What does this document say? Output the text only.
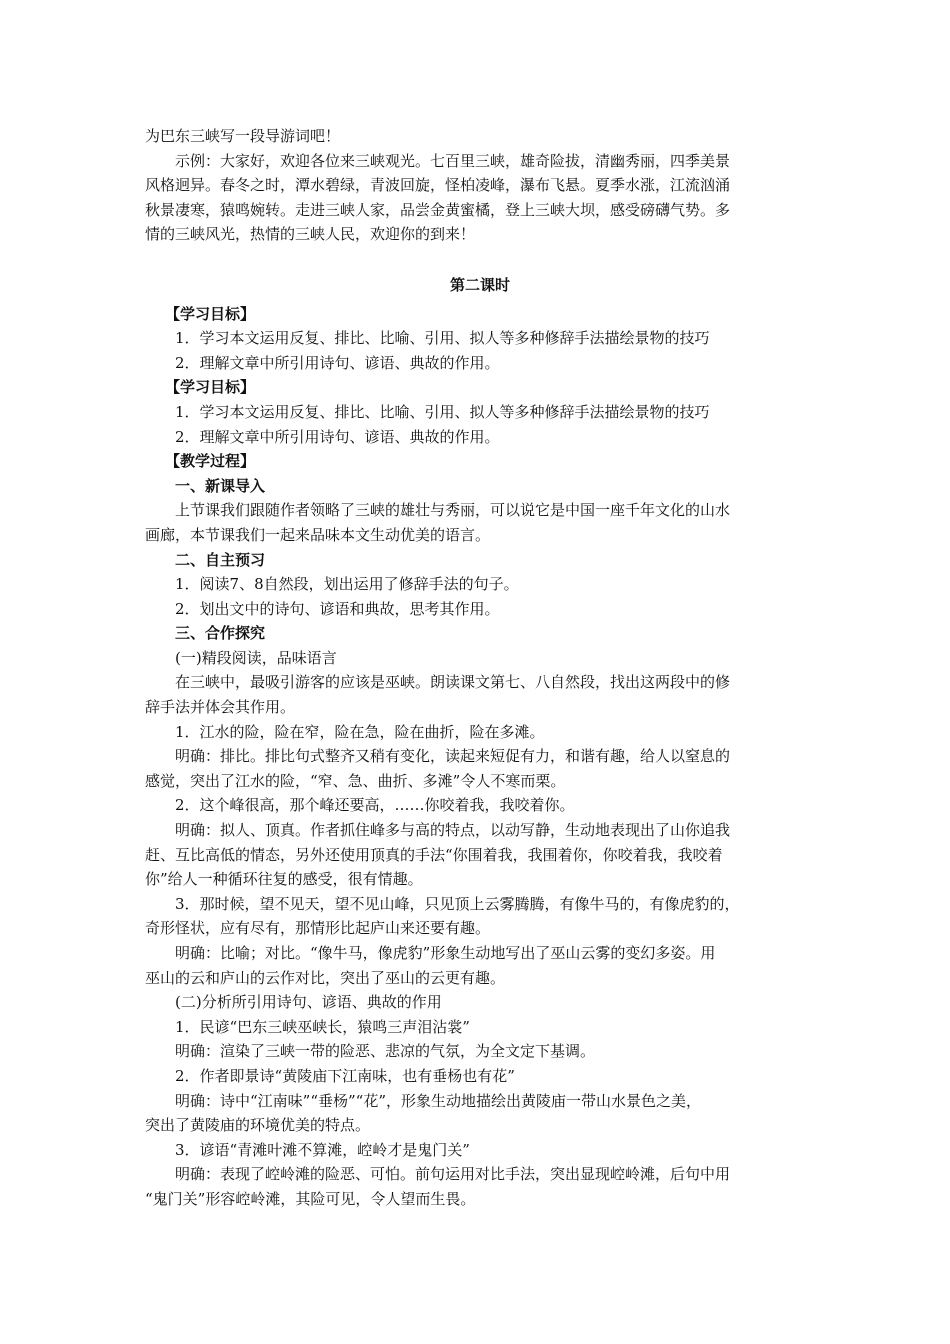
为巴东三峡写一段导游词吧！
示例：大家好，欢迎各位来三峡观光。七百里三峡，雄奇险拔，清幽秀丽，四季美景
风格迥异。春冬之时，潭水碧绿，青波回旋，怪柏凌峰，瀑布飞悬。夏季水涨，江流汹涌
秋景凄寒，猿鸣婉转。走进三峡人家，品尝金黄蜜橘，登上三峡大坝，感受磅礴气势。多
情的三峡风光，热情的三峡人民，欢迎你的到来！
第二课时
【学习目标】
1．学习本文运用反复、排比、比喻、引用、拟人等多种修辞手法描绘景物的技巧
2．理解文章中所引用诗句、谚语、典故的作用。
【学习目标】
1．学习本文运用反复、排比、比喻、引用、拟人等多种修辞手法描绘景物的技巧
2．理解文章中所引用诗句、谚语、典故的作用。
【教学过程】
一、新课导入
上节课我们跟随作者领略了三峡的雄壮与秀丽，可以说它是中国一座千年文化的山水
画廊，本节课我们一起来品味本文生动优美的语言。
二、自主预习
1．阅读7、8自然段，划出运用了修辞手法的句子。
2．划出文中的诗句、谚语和典故，思考其作用。
三、合作探究
(一)精段阅读，品味语言
在三峡中，最吸引游客的应该是巫峡。朗读课文第七、八自然段，找出这两段中的修
辞手法并体会其作用。
1．江水的险，险在窄，险在急，险在曲折，险在多滩。
明确：排比。排比句式整齐又稍有变化，读起来短促有力，和谐有趣，给人以窒息的
感觉，突出了江水的险，“窄、急、曲折、多滩”令人不寒而栗。
2．这个峰很高，那个峰还要高，……你咬着我，我咬着你。
明确：拟人、顶真。作者抓住峰多与高的特点，以动写静，生动地表现出了山你追我
赶、互比高低的情态，另外还使用顶真的手法“你围着我，我围着你，你咬着我，我咬着
你”给人一种循环往复的感受，很有情趣。
3．那时候，望不见天，望不见山峰，只见顶上云雾腾腾，有像牛马的，有像虎豹的，
奇形怪状，应有尽有，那情形比起庐山来还要有趣。
明确：比喻；对比。“像牛马，像虎豹”形象生动地写出了巫山云雾的变幻多姿。用
巫山的云和庐山的云作对比，突出了巫山的云更有趣。
(二)分析所引用诗句、谚语、典故的作用
1．民谚“巴东三峡巫峡长，猿鸣三声泪沾裳”
明确：渲染了三峡一带的险恶、悲凉的气氛，为全文定下基调。
2．作者即景诗“黄陵庙下江南味，也有垂杨也有花”
明确：诗中“江南味”“垂杨”“花”，形象生动地描绘出黄陵庙一带山水景色之美，
突出了黄陵庙的环境优美的特点。
3．谚语“青滩叶滩不算滩，崆岭才是鬼门关”
明确：表现了崆岭滩的险恶、可怕。前句运用对比手法，突出显现崆岭滩，后句中用
“鬼门关”形容崆岭滩，其险可见，令人望而生畏。
